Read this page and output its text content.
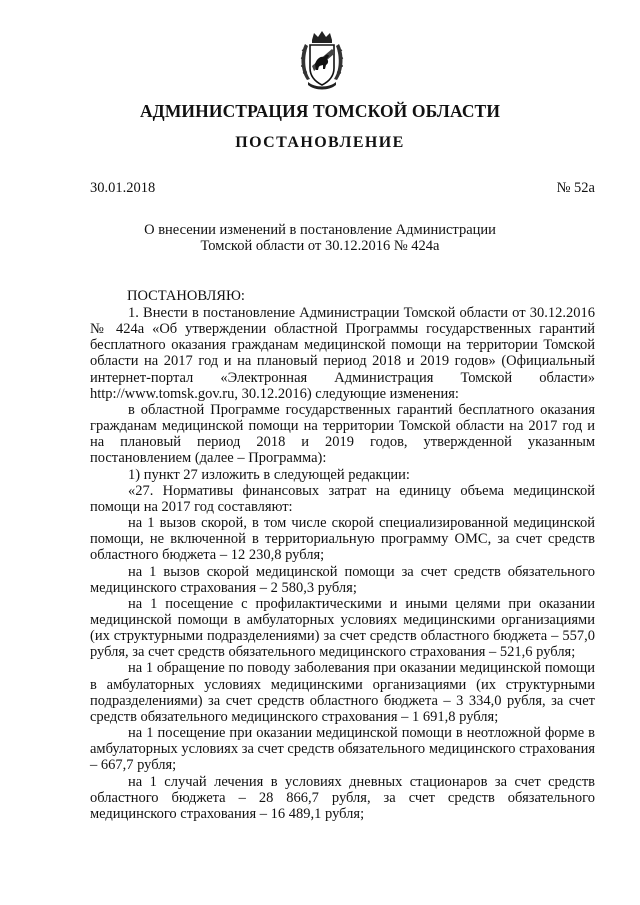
АДМИНИСТРАЦИЯ ТОМСКОЙ ОБЛАСТИ
ПОСТАНОВЛЕНИЕ
30.01.2018	№ 52а
О внесении изменений в постановление Администрации
Томской области от 30.12.2016 № 424а
ПОСТАНОВЛЯЮ:

1. Внести в постановление Администрации Томской области от 30.12.2016 № 424а «Об утверждении областной Программы государственных гарантий бесплатного оказания гражданам медицинской помощи на территории Томской области на 2017 год и на плановый период 2018 и 2019 годов» (Официальный интернет-портал «Электронная Администрация Томской области» http://www.tomsk.gov.ru, 30.12.2016) следующие изменения:

в областной Программе государственных гарантий бесплатного оказания гражданам медицинской помощи на территории Томской области на 2017 год и на плановый период 2018 и 2019 годов, утвержденной указанным постановлением (далее – Программа):

1) пункт 27 изложить в следующей редакции:

«27. Нормативы финансовых затрат на единицу объема медицинской помощи на 2017 год составляют:

на 1 вызов скорой, в том числе скорой специализированной медицинской помощи, не включенной в территориальную программу ОМС, за счет средств областного бюджета – 12 230,8 рубля;

на 1 вызов скорой медицинской помощи за счет средств обязательного медицинского страхования – 2 580,3 рубля;

на 1 посещение с профилактическими и иными целями при оказании медицинской помощи в амбулаторных условиях медицинскими организациями (их структурными подразделениями) за счет средств областного бюджета – 557,0 рубля, за счет средств обязательного медицинского страхования – 521,6 рубля;

на 1 обращение по поводу заболевания при оказании медицинской помощи в амбулаторных условиях медицинскими организациями (их структурными подразделениями) за счет средств областного бюджета – 3 334,0 рубля, за счет средств обязательного медицинского страхования – 1 691,8 рубля;

на 1 посещение при оказании медицинской помощи в неотложной форме в амбулаторных условиях за счет средств обязательного медицинского страхования – 667,7 рубля;

на 1 случай лечения в условиях дневных стационаров за счет средств областного бюджета – 28 866,7 рубля, за счет средств обязательного медицинского страхования – 16 489,1 рубля;
